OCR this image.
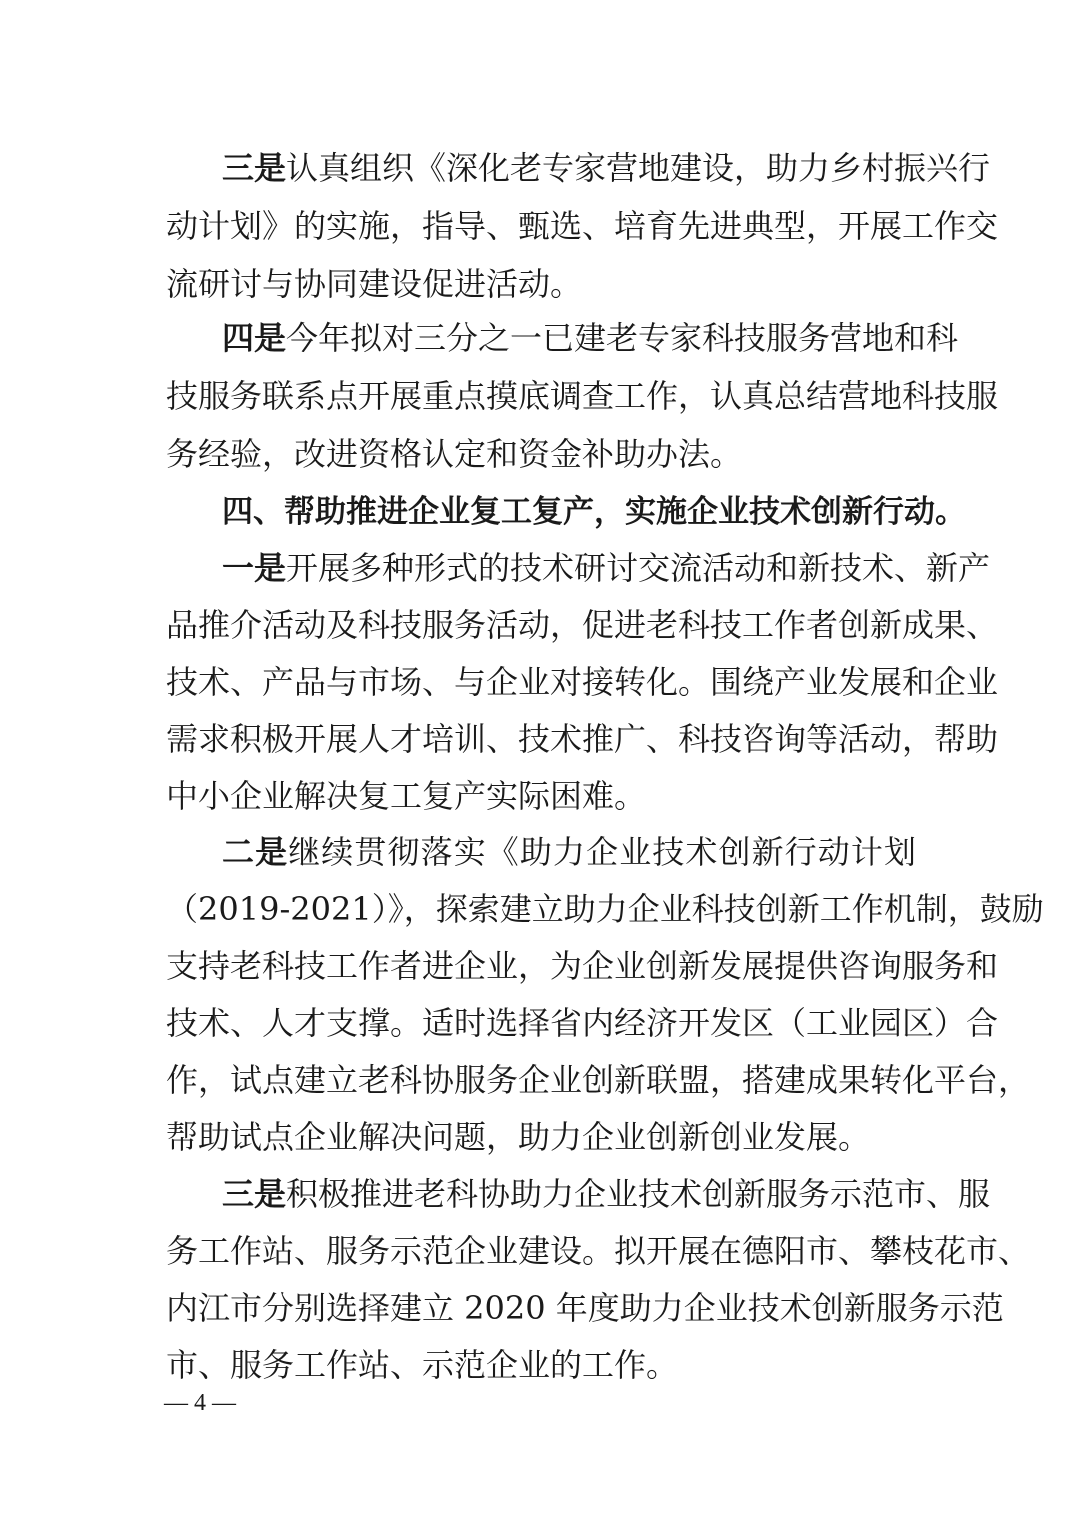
三是认真组织《深化老专家营地建设，助力乡村振兴行
动计划》的实施，指导、甄选、培育先进典型，开展工作交
流研讨与协同建设促进活动。
四是今年拟对三分之一已建老专家科技服务营地和科
技服务联系点开展重点摸底调查工作，认真总结营地科技服
务经验，改进资格认定和资金补助办法。
四、帮助推进企业复工复产，实施企业技术创新行动。
一是开展多种形式的技术研讨交流活动和新技术、新产
品推介活动及科技服务活动，促进老科技工作者创新成果、
技术、产品与市场、与企业对接转化。围绕产业发展和企业
需求积极开展人才培训、技术推广、科技咨询等活动，帮助
中小企业解决复工复产实际困难。
二是继续贯彻落实《助力企业技术创新行动计划
（2019-2021）》，探索建立助力企业科技创新工作机制，鼓励
支持老科技工作者进企业，为企业创新发展提供咨询服务和
技术、人才支撑。适时选择省内经济开发区（工业园区）合
作，试点建立老科协服务企业创新联盟，搭建成果转化平台，
帮助试点企业解决问题，助力企业创新创业发展。
三是积极推进老科协助力企业技术创新服务示范市、服
务工作站、服务示范企业建设。拟开展在德阳市、攀枝花市、
内江市分别选择建立 2020 年度助力企业技术创新服务示范
市、服务工作站、示范企业的工作。
— 4 —
